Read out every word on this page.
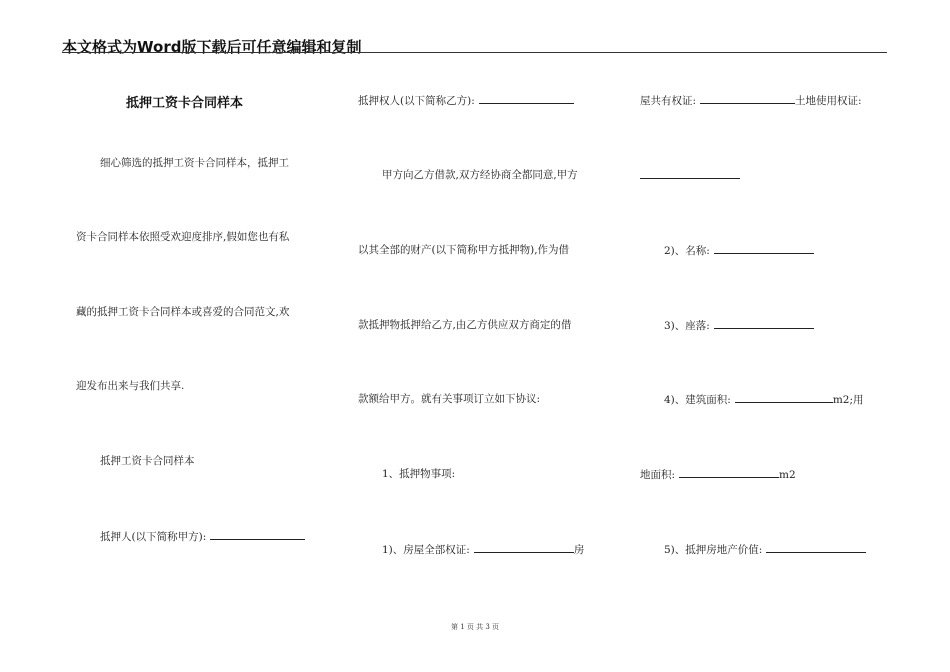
本文格式为Word版下载后可任意编辑和复制
抵押工资卡合同样本
细心筛选的抵押工资卡合同样本，抵押工
资卡合同样本依照受欢迎度排序,假如您也有私
藏的抵押工资卡合同样本或喜爱的合同范文,欢
迎发布出来与我们共享.
抵押工资卡合同样本
抵押人(以下简称甲方):
抵押权人(以下简称乙方):
甲方向乙方借款,双方经协商全都同意,甲方
以其全部的财产(以下简称甲方抵押物),作为借
款抵押物抵押给乙方,由乙方供应双方商定的借
款额给甲方。就有关事项订立如下协议:
1、抵押物事项:
1)、房屋全部权证:	房
屋共有权证:	土地使用权证:
2)、名称:
3)、座落:
4)、建筑面积:	m2;用
地面积:	m2
5)、抵押房地产价值:
第 1 页 共 3 页
